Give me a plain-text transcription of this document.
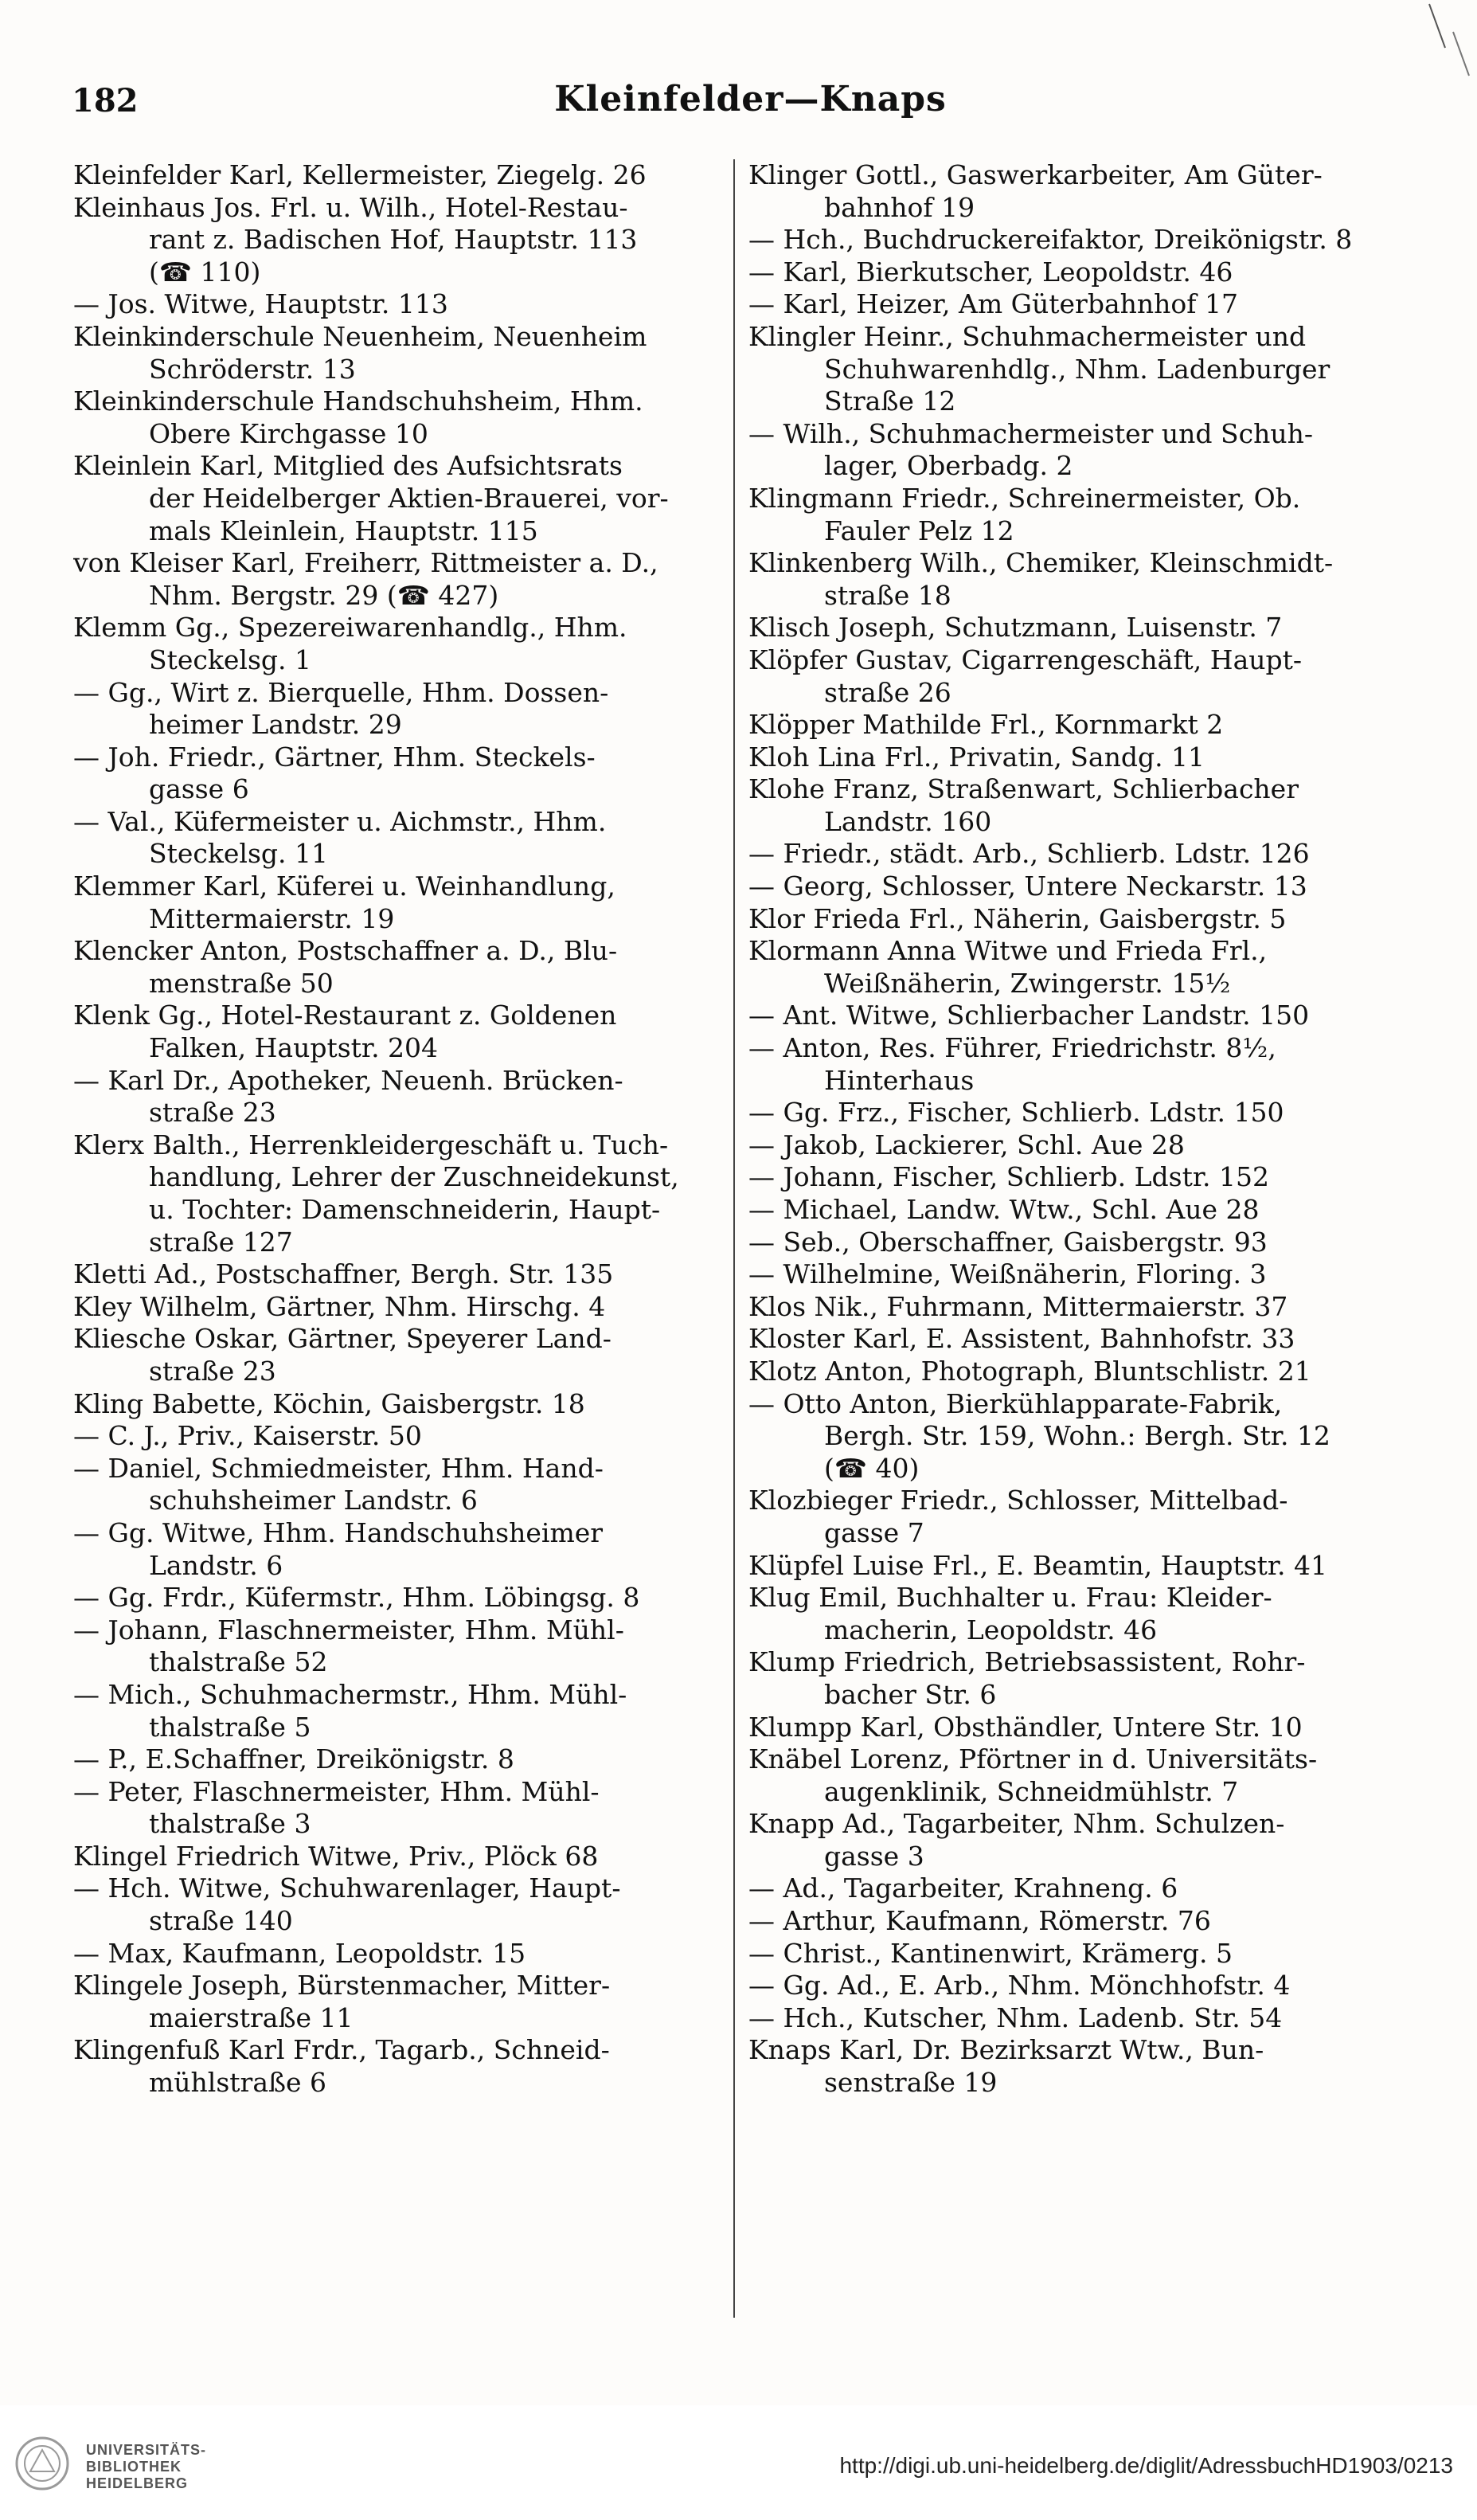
182	Kleinfelder—Knaps
Kleinfelder Karl, Kellermeister, Ziegelg. 26
Kleinhaus Jos. Frl. u. Wilh., Hotel-Restau-
rant z. Badischen Hof, Hauptstr. 113
(☎ 110)
— Jos. Witwe, Hauptstr. 113
Kleinkinderschule Neuenheim, Neuenheim
Schröderstr. 13
Kleinkinderschule Handschuhsheim, Hhm.
Obere Kirchgasse 10
Kleinlein Karl, Mitglied des Aufsichtsrats
der Heidelberger Aktien-Brauerei, vor-
mals Kleinlein, Hauptstr. 115
von Kleiser Karl, Freiherr, Rittmeister a. D.,
Nhm. Bergstr. 29 (☎ 427)
Klemm Gg., Spezereiwarenhandlg., Hhm.
Steckelsg. 1
— Gg., Wirt z. Bierquelle, Hhm. Dossen-
heimer Landstr. 29
— Joh. Friedr., Gärtner, Hhm. Steckels-
gasse 6
— Val., Küfermeister u. Aichmstr., Hhm.
Steckelsg. 11
Klemmer Karl, Küferei u. Weinhandlung,
Mittermaierstr. 19
Klencker Anton, Postschaffner a. D., Blu-
menstraße 50
Klenk Gg., Hotel-Restaurant z. Goldenen
Falken, Hauptstr. 204
— Karl Dr., Apotheker, Neuenh. Brücken-
straße 23
Klerx Balth., Herrenkleidergeschäft u. Tuch-
handlung, Lehrer der Zuschneidekunst,
u. Tochter: Damenschneiderin, Haupt-
straße 127
Kletti Ad., Postschaffner, Bergh. Str. 135
Kley Wilhelm, Gärtner, Nhm. Hirschg. 4
Kliesche Oskar, Gärtner, Speyerer Land-
straße 23
Kling Babette, Köchin, Gaisbergstr. 18
— C. J., Priv., Kaiserstr. 50
— Daniel, Schmiedmeister, Hhm. Hand-
schuhsheimer Landstr. 6
— Gg. Witwe, Hhm. Handschuhsheimer
Landstr. 6
— Gg. Frdr., Küfermstr., Hhm. Löbingsg. 8
— Johann, Flaschnermeister, Hhm. Mühl-
thalstraße 52
— Mich., Schuhmachermstr., Hhm. Mühl-
thalstraße 5
— P., E.Schaffner, Dreikönigstr. 8
— Peter, Flaschnermeister, Hhm. Mühl-
thalstraße 3
Klingel Friedrich Witwe, Priv., Plöck 68
— Hch. Witwe, Schuhwarenlager, Haupt-
straße 140
— Max, Kaufmann, Leopoldstr. 15
Klingele Joseph, Bürstenmacher, Mitter-
maierstraße 11
Klingenfuß Karl Frdr., Tagarb., Schneid-
mühlstraße 6
Klinger Gottl., Gaswerkarbeiter, Am Güter-
bahnhof 19
— Hch., Buchdruckereifaktor, Dreikönigstr. 8
— Karl, Bierkutscher, Leopoldstr. 46
— Karl, Heizer, Am Güterbahnhof 17
Klingler Heinr., Schuhmachermeister und
Schuhwarenhdlg., Nhm. Ladenburger
Straße 12
— Wilh., Schuhmachermeister und Schuh-
lager, Oberbadg. 2
Klingmann Friedr., Schreinermeister, Ob.
Fauler Pelz 12
Klinkenberg Wilh., Chemiker, Kleinschmidt-
straße 18
Klisch Joseph, Schutzmann, Luisenstr. 7
Klöpfer Gustav, Cigarrengeschäft, Haupt-
straße 26
Klöpper Mathilde Frl., Kornmarkt 2
Kloh Lina Frl., Privatin, Sandg. 11
Klohe Franz, Straßenwart, Schlierbacher
Landstr. 160
— Friedr., städt. Arb., Schlierb. Ldstr. 126
— Georg, Schlosser, Untere Neckarstr. 13
Klor Frieda Frl., Näherin, Gaisbergstr. 5
Klormann Anna Witwe und Frieda Frl.,
Weißnäherin, Zwingerstr. 15½
— Ant. Witwe, Schlierbacher Landstr. 150
— Anton, Res. Führer, Friedrichstr. 8½,
Hinterhaus
— Gg. Frz., Fischer, Schlierb. Ldstr. 150
— Jakob, Lackierer, Schl. Aue 28
— Johann, Fischer, Schlierb. Ldstr. 152
— Michael, Landw. Wtw., Schl. Aue 28
— Seb., Oberschaffner, Gaisbergstr. 93
— Wilhelmine, Weißnäherin, Floring. 3
Klos Nik., Fuhrmann, Mittermaierstr. 37
Kloster Karl, E. Assistent, Bahnhofstr. 33
Klotz Anton, Photograph, Bluntschlistr. 21
— Otto Anton, Bierkühlapparate-Fabrik,
Bergh. Str. 159, Wohn.: Bergh. Str. 12
(☎ 40)
Klozbieger Friedr., Schlosser, Mittelbad-
gasse 7
Klüpfel Luise Frl., E. Beamtin, Hauptstr. 41
Klug Emil, Buchhalter u. Frau: Kleider-
macherin, Leopoldstr. 46
Klump Friedrich, Betriebsassistent, Rohr-
bacher Str. 6
Klumpp Karl, Obsthändler, Untere Str. 10
Knäbel Lorenz, Pförtner in d. Universitäts-
augenklinik, Schneidmühlstr. 7
Knapp Ad., Tagarbeiter, Nhm. Schulzen-
gasse 3
— Ad., Tagarbeiter, Krahneng. 6
— Arthur, Kaufmann, Römerstr. 76
— Christ., Kantinenwirt, Krämerg. 5
— Gg. Ad., E. Arb., Nhm. Mönchhofstr. 4
— Hch., Kutscher, Nhm. Ladenb. Str. 54
Knaps Karl, Dr. Bezirksarzt Wtw., Bun-
senstraße 19
UNIVERSITÄTS-
BIBLIOTHEK
HEIDELBERG
http://digi.ub.uni-heidelberg.de/diglit/AdressbuchHD1903/0213
